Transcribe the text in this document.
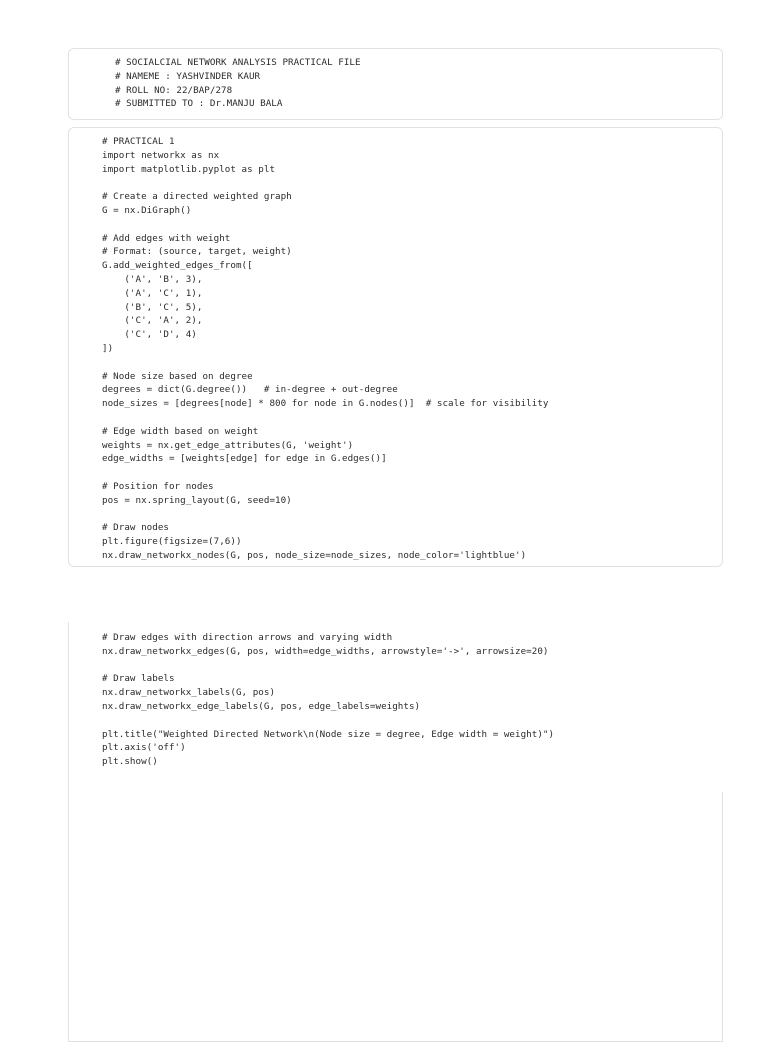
# SOCIALCIAL NETWORK ANALYSIS PRACTICAL FILE
# NAMEME : YASHVINDER KAUR
# ROLL NO: 22/BAP/278
# SUBMITTED TO : Dr.MANJU BALA
# PRACTICAL 1
import networkx as nx
import matplotlib.pyplot as plt
# Create a directed weighted graph
G = nx.DiGraph()
# Add edges with weight
# Format: (source, target, weight)
G.add_weighted_edges_from([
('A', 'B', 3),
('A', 'C', 1),
('B', 'C', 5),
('C', 'A', 2),
('C', 'D', 4)
])
# Node size based on degree
degrees = dict(G.degree())   # in-degree + out-degree
node_sizes = [degrees[node] * 800 for node in G.nodes()]  # scale for visibility
# Edge width based on weight
weights = nx.get_edge_attributes(G, 'weight')
edge_widths = [weights[edge] for edge in G.edges()]
# Position for nodes
pos = nx.spring_layout(G, seed=10)
# Draw nodes
plt.figure(figsize=(7,6))
nx.draw_networkx_nodes(G, pos, node_size=node_sizes, node_color='lightblue')
# Draw edges with direction arrows and varying width
nx.draw_networkx_edges(G, pos, width=edge_widths, arrowstyle='->', arrowsize=20)
# Draw labels
nx.draw_networkx_labels(G, pos)
nx.draw_networkx_edge_labels(G, pos, edge_labels=weights)
plt.title("Weighted Directed Network\n(Node size = degree, Edge width = weight)")
plt.axis('off')
plt.show()
